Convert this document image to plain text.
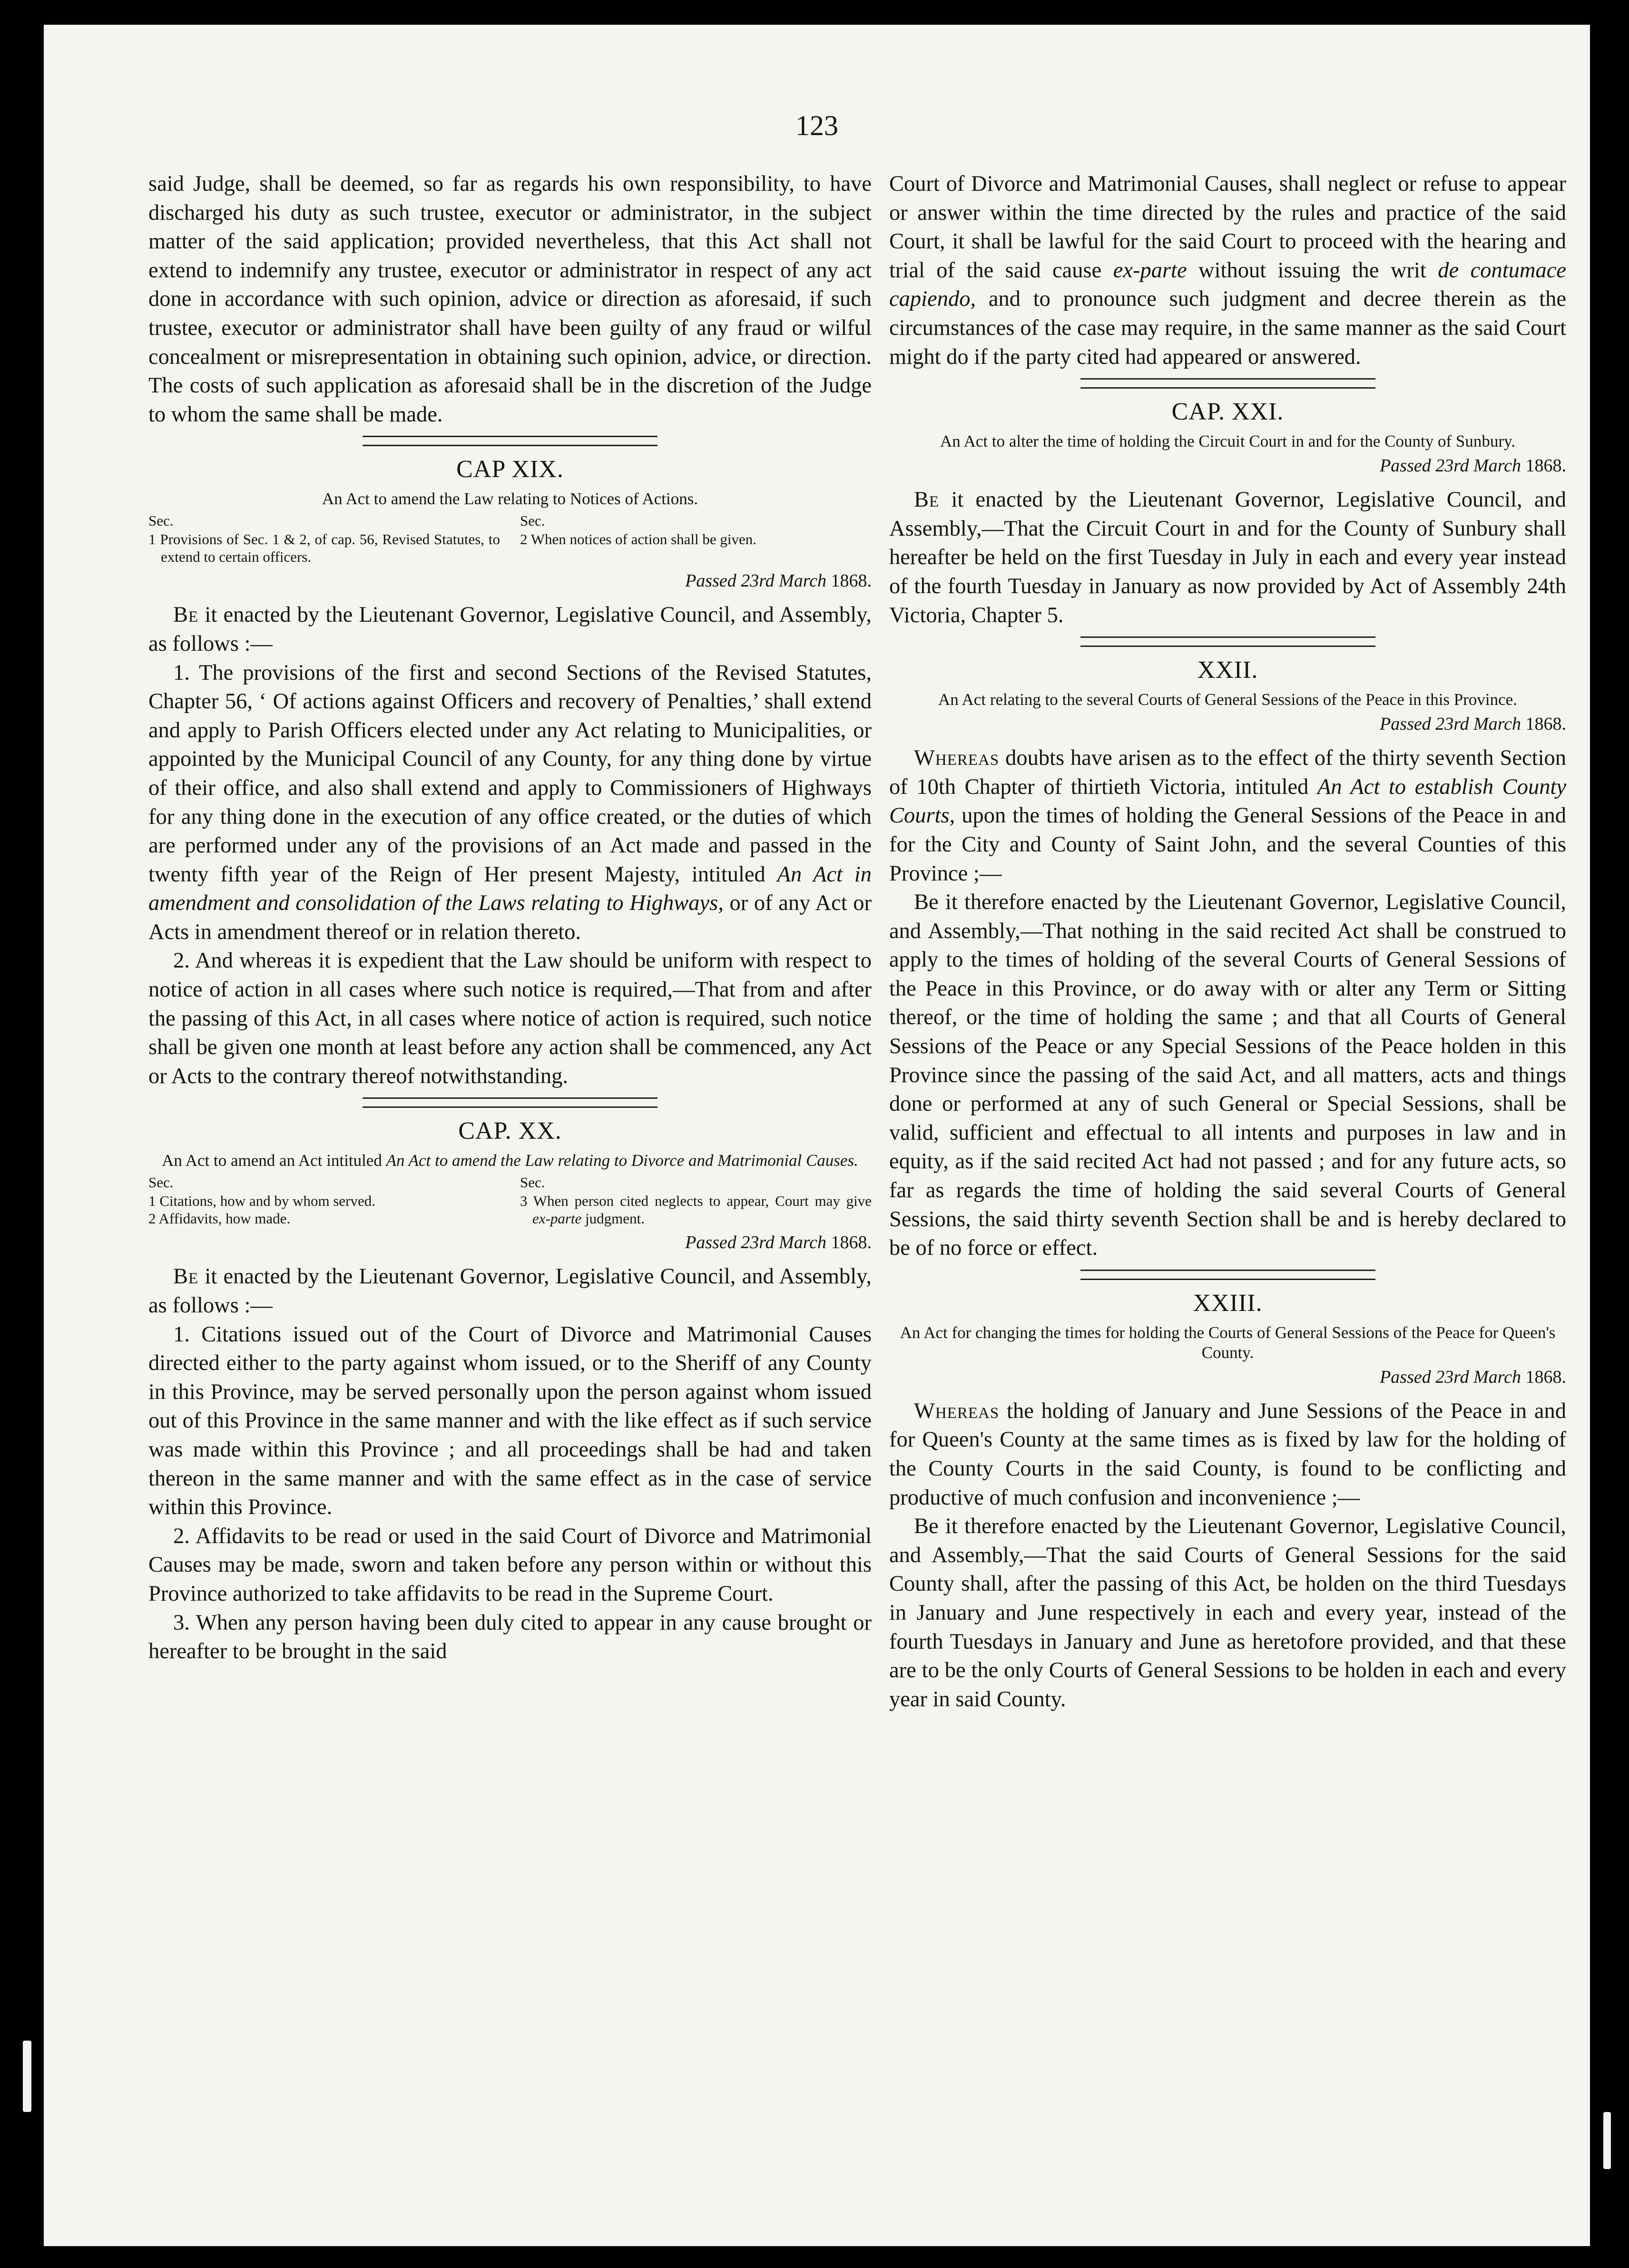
123

said Judge, shall be deemed, so far as regards his own responsibility, to have discharged his duty as such trustee, executor or administrator, in the subject matter of the said application; provided nevertheless, that this Act shall not extend to indemnify any trustee, executor or administrator in respect of any act done in accordance with such opinion, advice or direction as aforesaid, if such trustee, executor or administrator shall have been guilty of any fraud or wilful concealment or misrepresentation in obtaining such opinion, advice, or direction. The costs of such application as aforesaid shall be in the discretion of the Judge to whom the same shall be made.

CAP XIX.
An Act to amend the Law relating to Notices of Actions.
Sec.
1 Provisions of Sec. 1 & 2, of cap. 56, Revised Statutes, to extend to certain officers.
Sec.
2 When notices of action shall be given.
Passed 23rd March 1868.

Be it enacted by the Lieutenant Governor, Legislative Council, and Assembly, as follows :—

1. The provisions of the first and second Sections of the Revised Statutes, Chapter 56, ‘ Of actions against Officers and recovery of Penalties,’ shall extend and apply to Parish Officers elected under any Act relating to Municipalities, or appointed by the Municipal Council of any County, for any thing done by virtue of their office, and also shall extend and apply to Commissioners of Highways for any thing done in the execution of any office created, or the duties of which are performed under any of the provisions of an Act made and passed in the twenty fifth year of the Reign of Her present Majesty, intituled An Act in amendment and consolidation of the Laws relating to Highways, or of any Act or Acts in amendment thereof or in relation thereto.

2. And whereas it is expedient that the Law should be uniform with respect to notice of action in all cases where such notice is required,—That from and after the passing of this Act, in all cases where notice of action is required, such notice shall be given one month at least before any action shall be commenced, any Act or Acts to the contrary thereof notwithstanding.

CAP. XX.
An Act to amend an Act intituled An Act to amend the Law relating to Divorce and Matrimonial Causes.
Sec.
1 Citations, how and by whom served.
2 Affidavits, how made.
Sec.
3 When person cited neglects to appear, Court may give ex-parte judgment.
Passed 23rd March 1868.

Be it enacted by the Lieutenant Governor, Legislative Council, and Assembly, as follows :—

1. Citations issued out of the Court of Divorce and Matrimonial Causes directed either to the party against whom issued, or to the Sheriff of any County in this Province, may be served personally upon the person against whom issued out of this Province in the same manner and with the like effect as if such service was made within this Province ; and all proceedings shall be had and taken thereon in the same manner and with the same effect as in the case of service within this Province.

2. Affidavits to be read or used in the said Court of Divorce and Matrimonial Causes may be made, sworn and taken before any person within or without this Province authorized to take affidavits to be read in the Supreme Court.

3. When any person having been duly cited to appear in any cause brought or hereafter to be brought in the said

Court of Divorce and Matrimonial Causes, shall neglect or refuse to appear or answer within the time directed by the rules and practice of the said Court, it shall be lawful for the said Court to proceed with the hearing and trial of the said cause ex-parte without issuing the writ de contumace capiendo, and to pronounce such judgment and decree therein as the circumstances of the case may require, in the same manner as the said Court might do if the party cited had appeared or answered.

CAP. XXI.
An Act to alter the time of holding the Circuit Court in and for the County of Sunbury.
Passed 23rd March 1868.

Be it enacted by the Lieutenant Governor, Legislative Council, and Assembly,—That the Circuit Court in and for the County of Sunbury shall hereafter be held on the first Tuesday in July in each and every year instead of the fourth Tuesday in January as now provided by Act of Assembly 24th Victoria, Chapter 5.

XXII.
An Act relating to the several Courts of General Sessions of the Peace in this Province.
Passed 23rd March 1868.

Whereas doubts have arisen as to the effect of the thirty seventh Section of 10th Chapter of thirtieth Victoria, intituled An Act to establish County Courts, upon the times of holding the General Sessions of the Peace in and for the City and County of Saint John, and the several Counties of this Province ;—

Be it therefore enacted by the Lieutenant Governor, Legislative Council, and Assembly,—That nothing in the said recited Act shall be construed to apply to the times of holding of the several Courts of General Sessions of the Peace in this Province, or do away with or alter any Term or Sitting thereof, or the time of holding the same ; and that all Courts of General Sessions of the Peace or any Special Sessions of the Peace holden in this Province since the passing of the said Act, and all matters, acts and things done or performed at any of such General or Special Sessions, shall be valid, sufficient and effectual to all intents and purposes in law and in equity, as if the said recited Act had not passed ; and for any future acts, so far as regards the time of holding the said several Courts of General Sessions, the said thirty seventh Section shall be and is hereby declared to be of no force or effect.

XXIII.
An Act for changing the times for holding the Courts of General Sessions of the Peace for Queen's County.
Passed 23rd March 1868.

Whereas the holding of January and June Sessions of the Peace in and for Queen's County at the same times as is fixed by law for the holding of the County Courts in the said County, is found to be conflicting and productive of much confusion and inconvenience ;—

Be it therefore enacted by the Lieutenant Governor, Legislative Council, and Assembly,—That the said Courts of General Sessions for the said County shall, after the passing of this Act, be holden on the third Tuesdays in January and June respectively in each and every year, instead of the fourth Tuesdays in January and June as heretofore provided, and that these are to be the only Courts of General Sessions to be holden in each and every year in said County.
